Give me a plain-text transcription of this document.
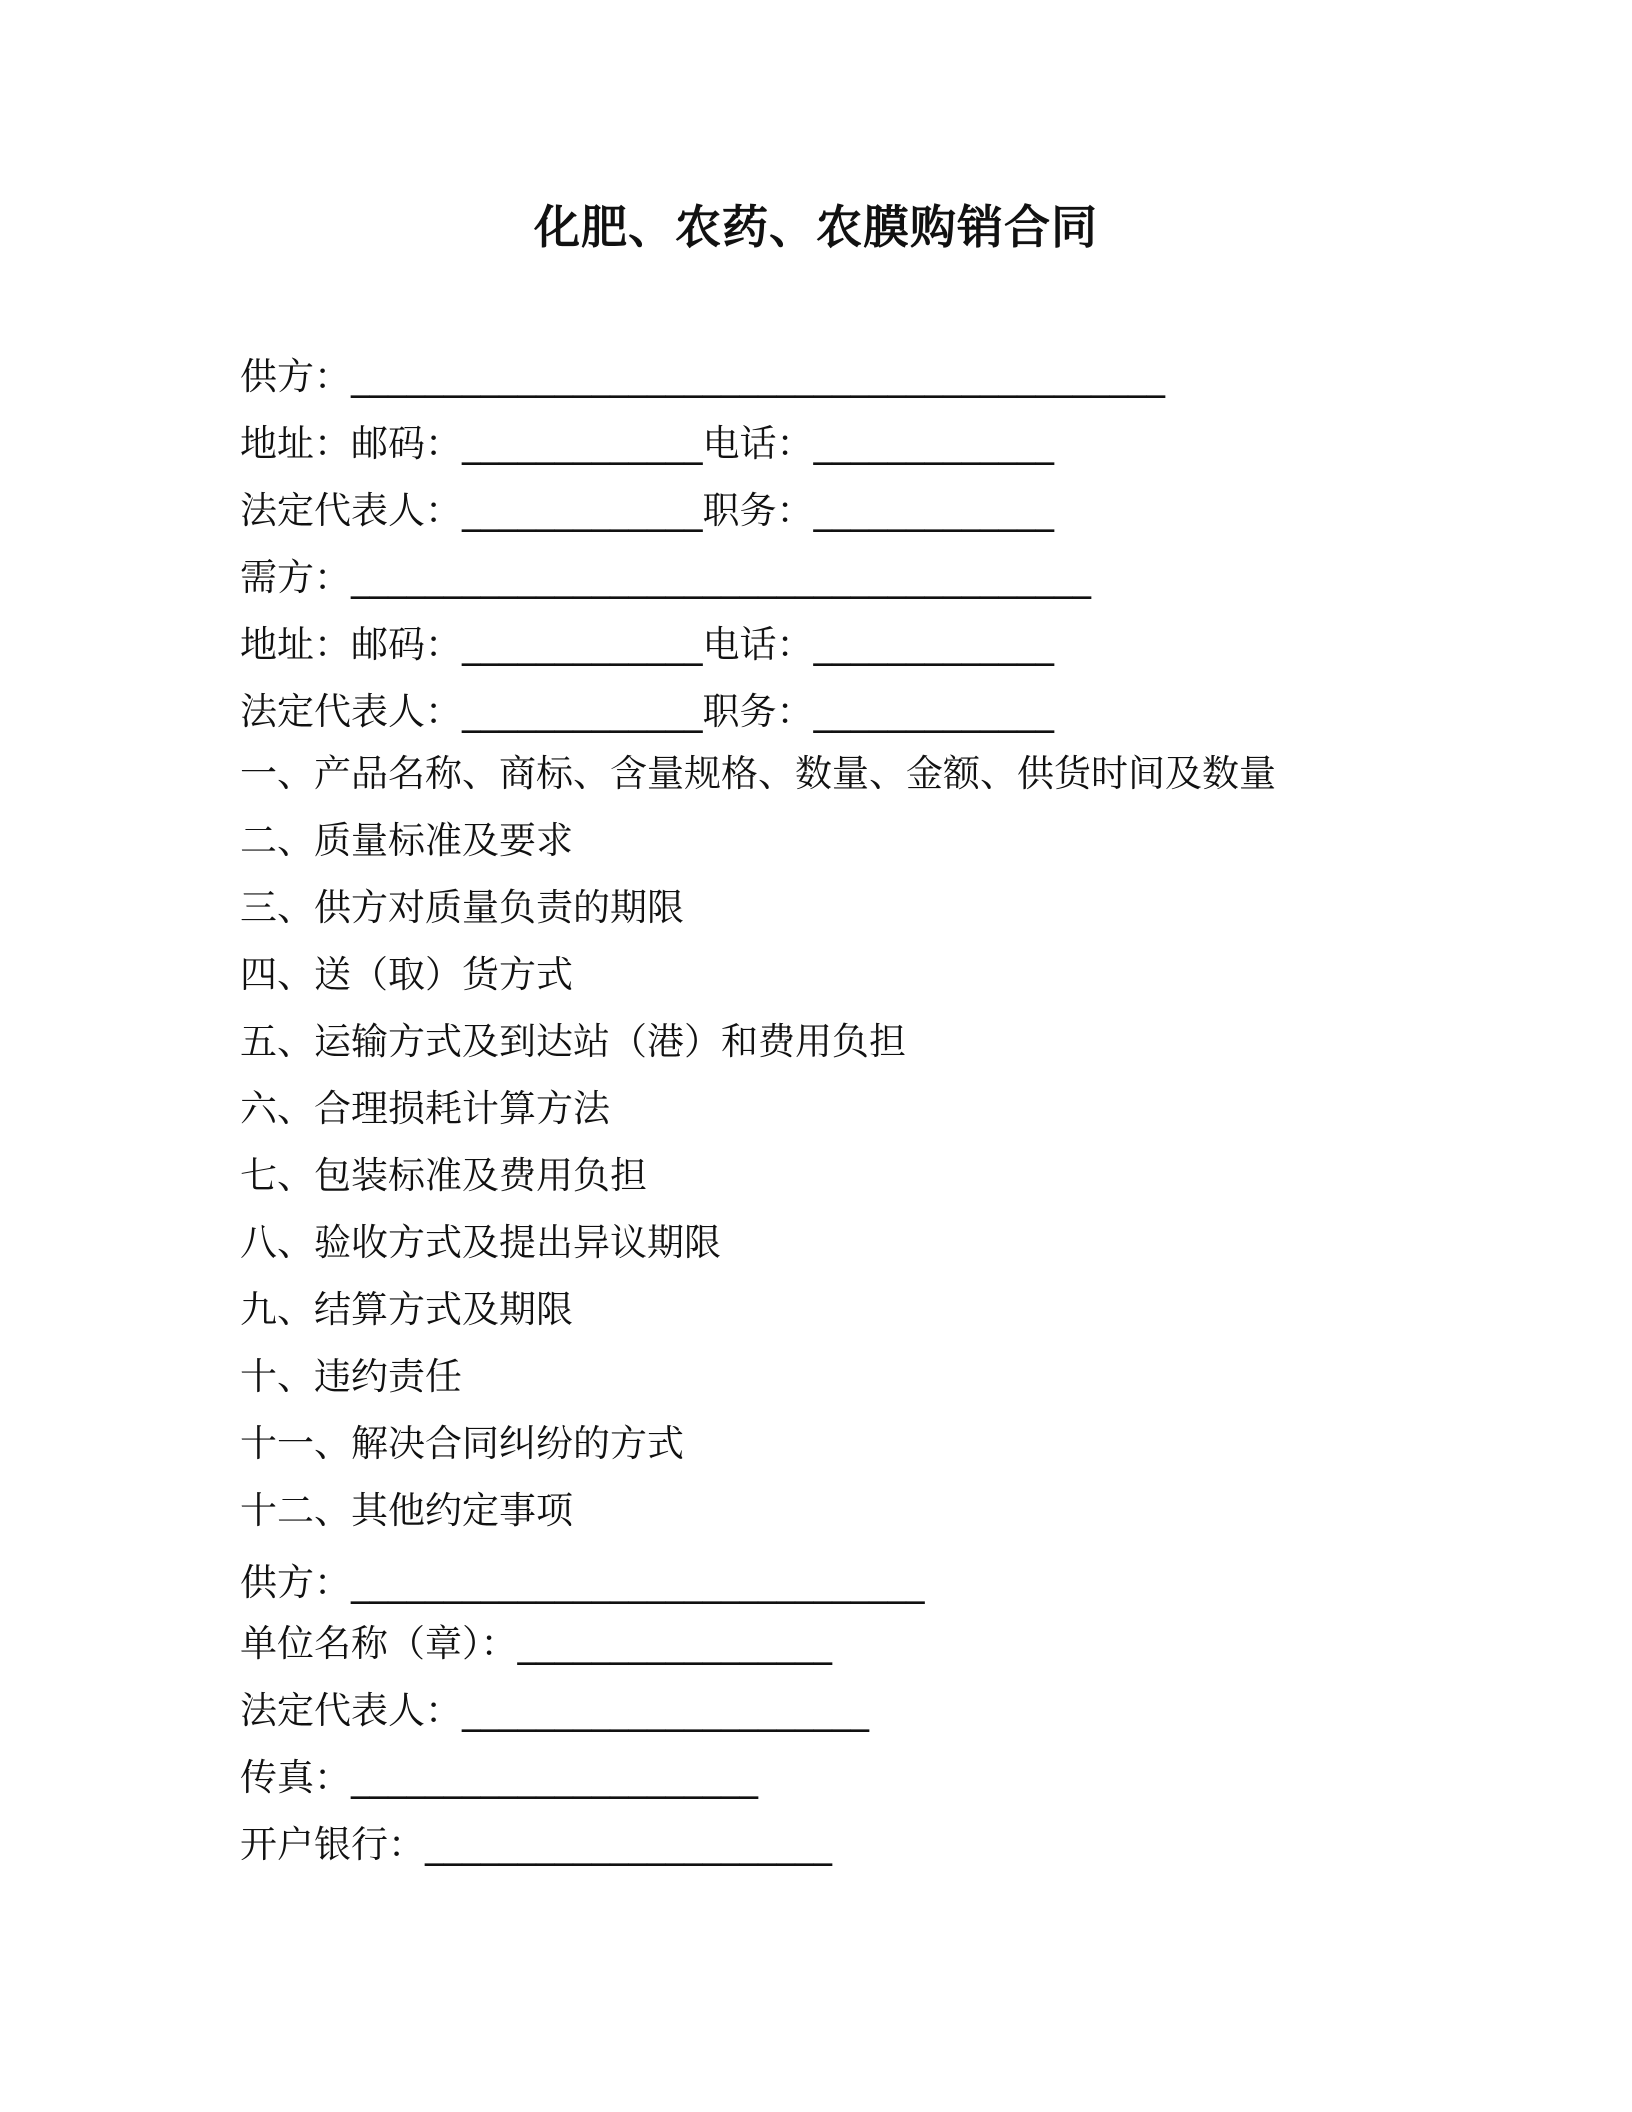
化肥、农药、农膜购销合同

供方：____________________________________________

地址：邮码：_____________电话：_____________

法定代表人：_____________职务：_____________

需方：________________________________________

地址：邮码：_____________电话：_____________

法定代表人：_____________职务：_____________

一、产品名称、商标、含量规格、数量、金额、供货时间及数量

二、质量标准及要求

三、供方对质量负责的期限

四、送（取）货方式

五、运输方式及到达站（港）和费用负担

六、合理损耗计算方法

七、包装标准及费用负担

八、验收方式及提出异议期限

九、结算方式及期限

十、违约责任

十一、解决合同纠纷的方式

十二、其他约定事项

供方：_______________________________

单位名称（章）：_________________

法定代表人：______________________

传真：______________________

开户银行：______________________
